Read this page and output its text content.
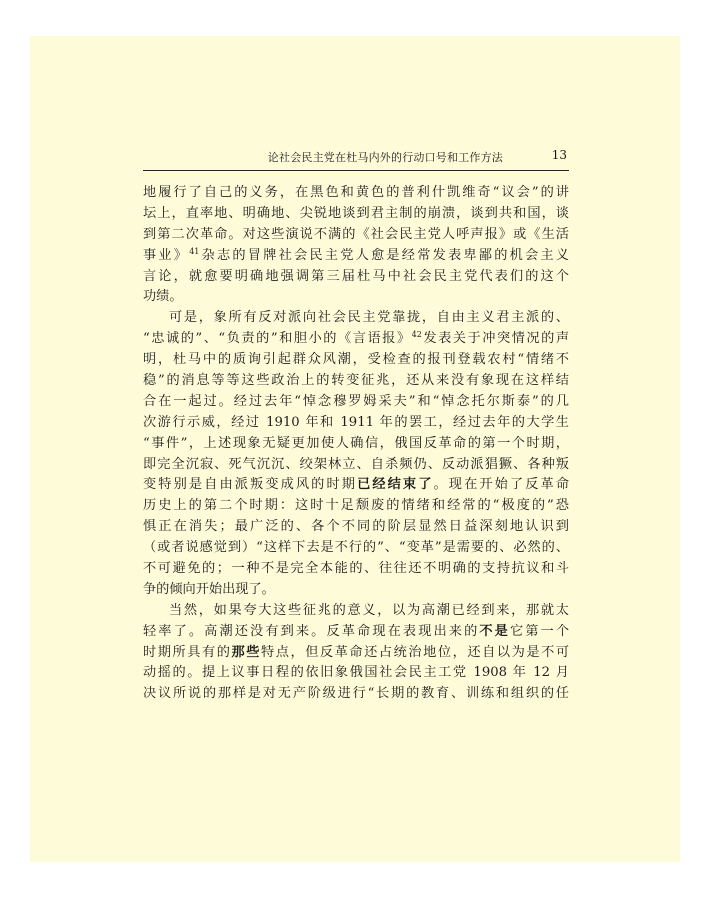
论社会民主党在杜马内外的行动口号和工作方法	13
地履行了自己的义务，在黑色和黄色的普利什凯维奇“议会”的讲
坛上，直率地、明确地、尖锐地谈到君主制的崩溃，谈到共和国，谈
到第二次革命。对这些演说不满的《社会民主党人呼声报》或《生活
事业》$^{41}$杂志的冒牌社会民主党人愈是经常发表卑鄙的机会主义
言论，就愈要明确地强调第三届杜马中社会民主党代表们的这个
功绩。
可是，象所有反对派向社会民主党靠拢，自由主义君主派的、
“忠诚的”、“负责的”和胆小的《言语报》$^{42}$发表关于冲突情况的声
明，杜马中的质询引起群众风潮，受检查的报刊登载农村“情绪不
稳”的消息等等这些政治上的转变征兆，还从来没有象现在这样结
合在一起过。经过去年“悼念穆罗姆采夫”和“悼念托尔斯泰”的几
次游行示威，经过 1910 年和 1911 年的罢工，经过去年的大学生
“事件”，上述现象无疑更加使人确信，俄国反革命的第一个时期，
即完全沉寂、死气沉沉、绞架林立、自杀频仍、反动派猖獗、各种叛
变特别是自由派叛变成风的时期已经结束了。现在开始了反革命
历史上的第二个时期：这时十足颓废的情绪和经常的“极度的”恐
惧正在消失；最广泛的、各个不同的阶层显然日益深刻地认识到
（或者说感觉到）“这样下去是不行的”、“变革”是需要的、必然的、
不可避免的；一种不是完全本能的、往往还不明确的支持抗议和斗
争的倾向开始出现了。
当然，如果夸大这些征兆的意义，以为高潮已经到来，那就太
轻率了。高潮还没有到来。反革命现在表现出来的不是它第一个
时期所具有的那些特点，但反革命还占统治地位，还自以为是不可
动摇的。提上议事日程的依旧象俄国社会民主工党 1908 年 12 月
决议所说的那样是对无产阶级进行“长期的教育、训练和组织的任
